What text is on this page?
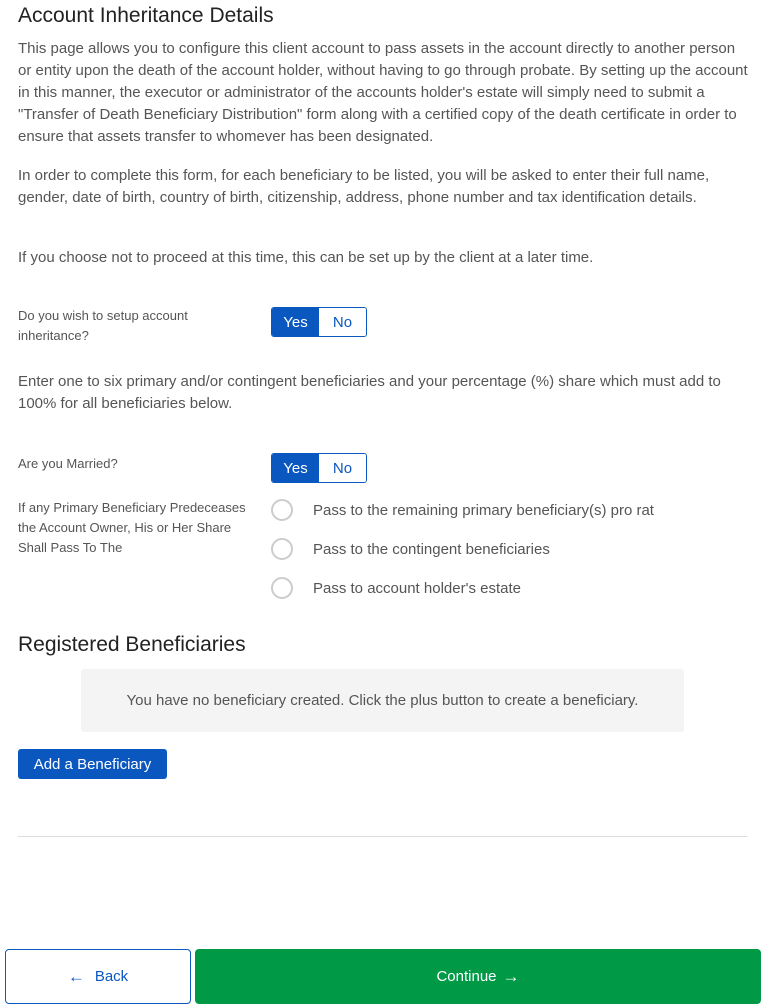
Account Inheritance Details

This page allows you to configure this client account to pass assets in the account directly to another person or entity upon the death of the account holder, without having to go through probate. By setting up the account in this manner, the executor or administrator of the accounts holder's estate will simply need to submit a "Transfer of Death Beneficiary Distribution" form along with a certified copy of the death certificate in order to ensure that assets transfer to whomever has been designated.

In order to complete this form, for each beneficiary to be listed, you will be asked to enter their full name, gender, date of birth, country of birth, citizenship, address, phone number and tax identification details.

If you choose not to proceed at this time, this can be set up by the client at a later time.

Do you wish to setup account inheritance?
Yes	No

Enter one to six primary and/or contingent beneficiaries and your percentage (%) share which must add to 100% for all beneficiaries below.

Are you Married?	Yes	No
If any Primary Beneficiary Predeceases the Account Owner, His or Her Share Shall Pass To The
Pass to the remaining primary beneficiary(s) pro rat
Pass to the contingent beneficiaries
Pass to account holder's estate
Registered Beneficiaries
You have no beneficiary created. Click the plus button to create a beneficiary.
Add a Beneficiary
← Back	Continue →
